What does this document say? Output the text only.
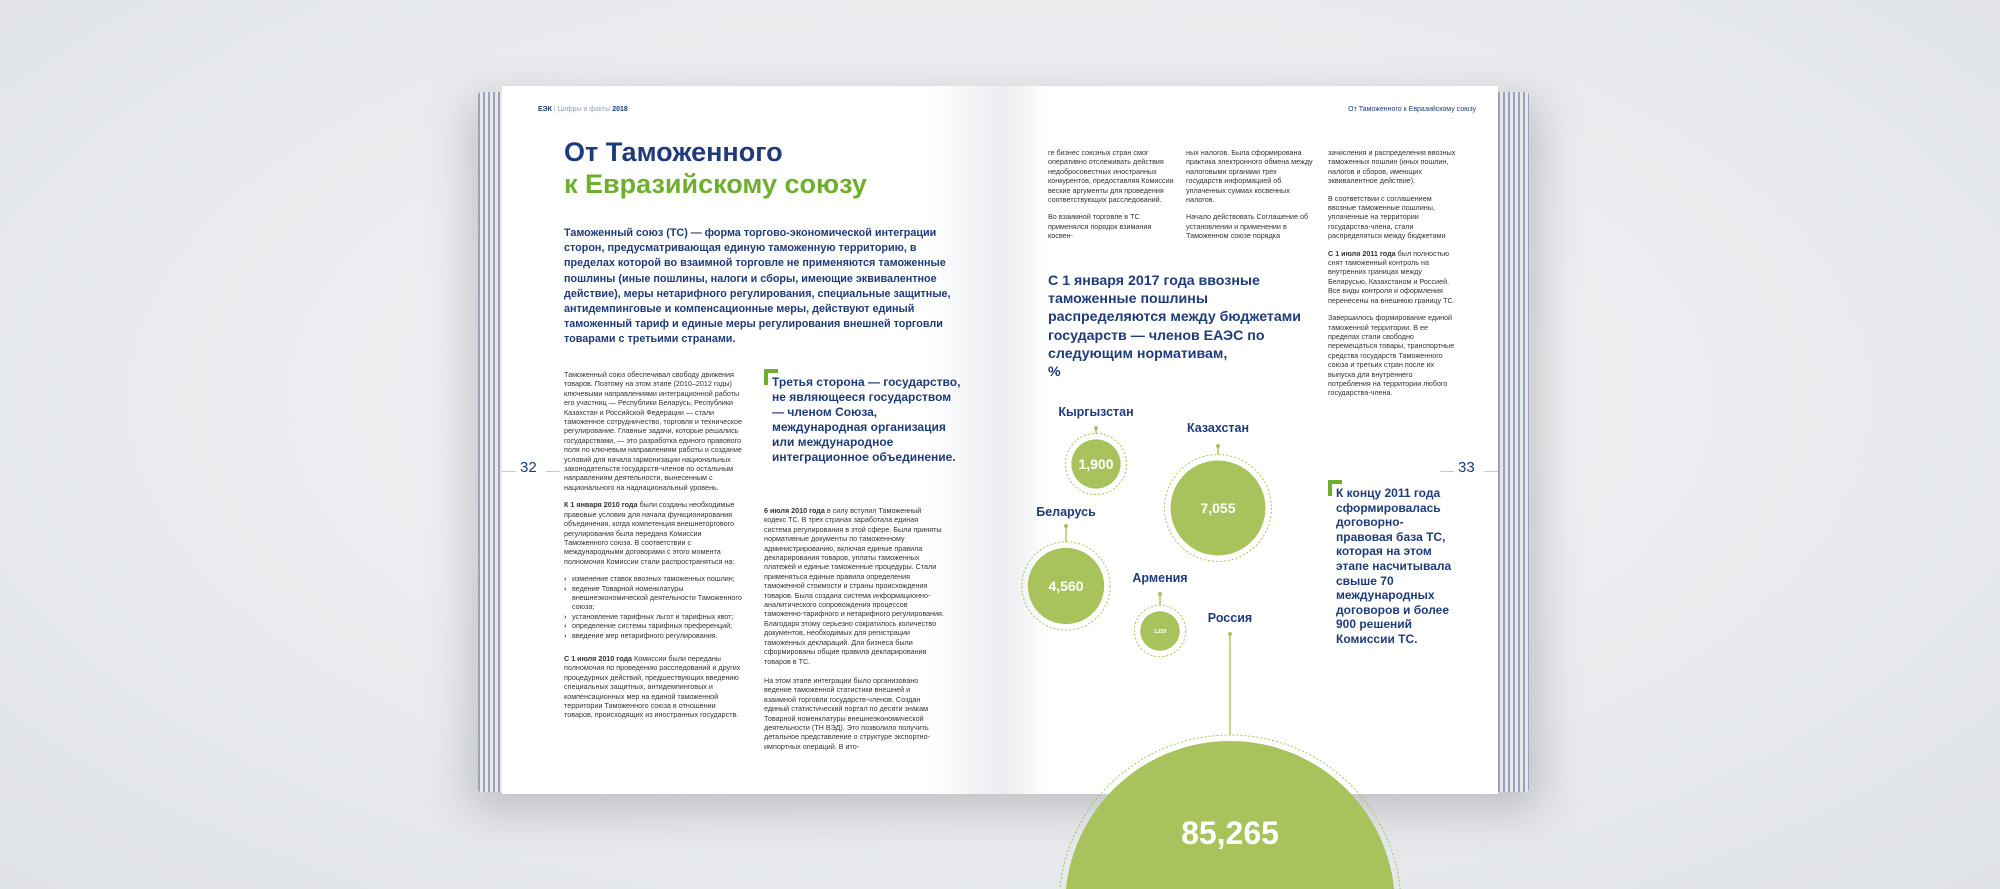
ЕЭК | Цифры и факты 2018
От Таможенного
к Евразийскому союзу
Таможенный союз (ТС) — форма торгово-экономической интеграции сторон, предусматривающая единую таможенную территорию, в пределах которой во взаимной торговле не применяются таможенные пошлины (иные пошлины, налоги и сборы, имеющие эквивалентное действие), меры нетарифного регулирования, специальные защитные, антидемпинговые и компенсационные меры, действуют единый таможенный тариф и единые меры регулирования внешней торговли товарами с третьими странами.

Таможенный союз обеспечивал свободу движения товаров. Поэтому на этом этапе (2010–2012 годы) ключевыми направлениями интеграционной работы его участниц — Республики Беларусь, Республики Казахстан и Российской Федерации — стали таможенное сотрудничество, торговля и техническое регулирование. Главные задачи, которые решались государствами, — это разработка единого правового поля по ключевым направлениям работы и создание условий для начала гармонизации национальных законодательств государств-членов по остальным направлениям деятельности, вынесенным с национального на наднациональный уровень.

К 1 января 2010 года были созданы необходимые правовые условия для начала функционирования объединения, когда компетенция внешнеторгового регулирования была передана Комиссии Таможенного союза. В соответствии с международными договорами с этого момента полномочия Комиссии стали распространяться на:

› изменение ставок ввозных таможенных пошлин;
› ведение Товарной номенклатуры внешнеэкономической деятельности Таможенного союза;
› установление тарифных льгот и тарифных квот;
› определение системы тарифных преференций;
› введение мер нетарифного регулирования.

С 1 июля 2010 года Комиссии были переданы полномочия по проведению расследований и других процедурных действий, предшествующих введению специальных защитных, антидемпинговых и компенсационных мер на единой таможенной территории Таможенного союза в отношении товаров, происходящих из иностранных государств.

Третья сторона — государство, не являющееся государством — членом Союза, международная организация или международное интеграционное объединение.

6 июля 2010 года в силу вступил Таможенный кодекс ТС. В трех странах заработала единая система регулирования в этой сфере. Были приняты нормативные документы по таможенному администрированию, включая единые правила декларирования товаров, уплаты таможенных платежей и единые таможенные процедуры. Стали применяться единые правила определения таможенной стоимости и страны происхождения товаров. Была создана система информационно-аналитического сопровождения процессов таможенно-тарифного и нетарифного регулирования. Благодаря этому серьезно сократилось количество документов, необходимых для регистрации таможенных деклараций. Для бизнеса были сформированы общие правила декларирования товаров в ТС.

На этом этапе интеграции было организовано ведение таможенной статистики внешней и взаимной торговли государств-членов. Создан единый статистический портал по десяти знакам Товарной номенклатуры внешнеэкономической деятельности (ТН ВЭД). Это позволило получить детальное представление о структуре экспортно-импортных операций. В ито-

32
От Таможенного к Евразийскому союзу

ге бизнес союзных стран смог оперативно отслеживать действия недобросовестных иностранных конкурентов, предоставляя Комиссии веские аргументы для проведения соответствующих расследований.

Во взаимной торговле в ТС применялся порядок взимания косвен-

ных налогов. Была сформирована практика электронного обмена между налоговыми органами трех государств информацией об уплаченных суммах косвенных налогов.

Начало действовать Соглашение об установлении и применении в Таможенном союзе порядка

зачисления и распределения ввозных таможенных пошлин (иных пошлин, налогов и сборов, имеющих эквивалентное действие).

В соответствии с соглашением ввозные таможенные пошлины, уплаченные на территории государства-члена, стали распределяться между бюджетами

С 1 июля 2011 года был полностью снят таможенный контроль на внутренних границах между Беларусью, Казахстаном и Россией. Все виды контроля и оформления перенесены на внешнюю границу ТС.

Завершилось формирование единой таможенной территории. В ее пределах стали свободно перемещаться товары, транспортные средства государств Таможенного союза и третьих стран после их выпуска для внутреннего потребления на территории любого государства-члена.

С 1 января 2017 года ввозные таможенные пошлины распределяются между бюджетами государств — членов ЕАЭС по следующим нормативам,
%
1,900
Кыргызстан
7,055
Казахстан
4,560
Беларусь
1,220
Армения
85,265
Россия
К концу 2011 года сформировалась договорно-правовая база ТС, которая на этом этапе насчитывала свыше 70 международных договоров и более 900 решений Комиссии ТС.
33
